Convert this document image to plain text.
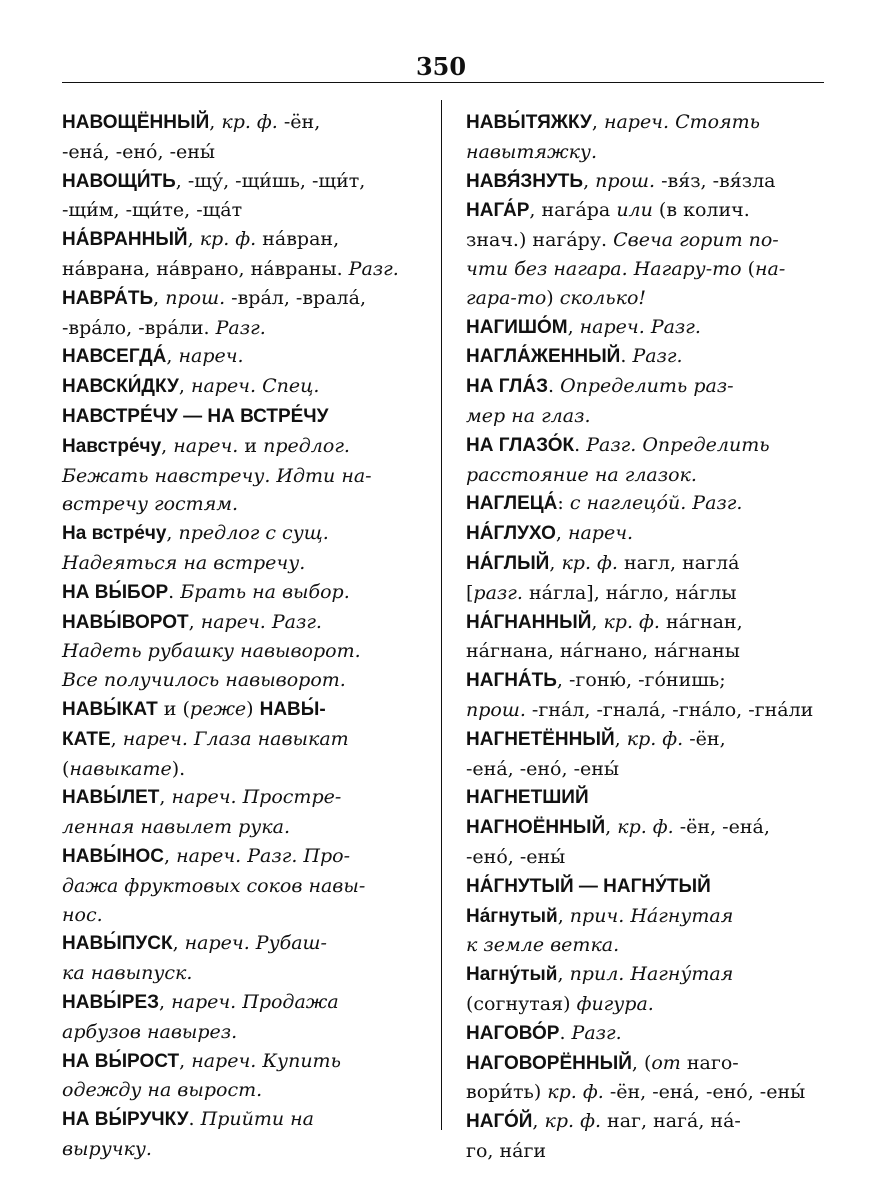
350
НАВОЩЁННЫЙ, кр. ф. -ён,
-ена́, -ено́, -ены́
НАВОЩИ́ТЬ, -щу́, -щи́шь, -щи́т,
-щи́м, -щи́те, -ща́т
НА́ВРАННЫЙ, кр. ф. на́вран,
на́врана, на́врано, на́враны. Разг.
НАВРА́ТЬ, прош. -вра́л, -врала́,
-вра́ло, -вра́ли. Разг.
НАВСЕГДА́, нареч.
НАВСКИ́ДКУ, нареч. Спец.
НАВСТРЕ́ЧУ — НА ВСТРЕ́ЧУ
Навстре́чу, нареч. и предлог.
Бежать навстречу. Идти на-
встречу гостям.
На встре́чу, предлог с сущ.
Надеяться на встречу.
НА ВЫ́БОР. Брать на выбор.
НАВЫ́ВОРОТ, нареч. Разг.
Надеть рубашку навыворот.
Все получилось навыворот.
НАВЫ́КАТ и (реже) НАВЫ́-
КАТЕ, нареч. Глаза навыкат
(навыкате).
НАВЫ́ЛЕТ, нареч. Простре-
ленная навылет рука.
НАВЫ́НОС, нареч. Разг. Про-
дажа фруктовых соков навы-
нос.
НАВЫ́ПУСК, нареч. Рубаш-
ка навыпуск.
НАВЫ́РЕЗ, нареч. Продажа
арбузов навырез.
НА ВЫ́РОСТ, нареч. Купить
одежду на вырост.
НА ВЫ́РУЧКУ. Прийти на
выручку.
НАВЫ́ТЯЖКУ, нареч. Стоять
навытяжку.
НАВЯ́ЗНУТЬ, прош. -вя́з, -вя́зла
НАГА́Р, нага́ра или (в колич.
знач.) нага́ру. Свеча горит по-
чти без нагара. Нагару-то (на-
гара-то) сколько!
НАГИШО́М, нареч. Разг.
НАГЛА́ЖЕННЫЙ. Разг.
НА ГЛА́З. Определить раз-
мер на глаз.
НА ГЛАЗО́К. Разг. Определить
расстояние на глазок.
НАГЛЕЦА́: с наглецо́й. Разг.
НА́ГЛУХО, нареч.
НА́ГЛЫЙ, кр. ф. нагл, нагла́
[разг. на́гла], на́гло, на́глы
НА́ГНАННЫЙ, кр. ф. на́гнан,
на́гнана, на́гнано, на́гнаны
НАГНА́ТЬ, -гоню́, -го́нишь;
прош. -гна́л, -гнала́, -гна́ло, -гна́ли
НАГНЕТЁННЫЙ, кр. ф. -ён,
-ена́, -ено́, -ены́
НАГНЕТШИЙ
НАГНОЁННЫЙ, кр. ф. -ён, -ена́,
-ено́, -ены́
НА́ГНУТЫЙ — НАГНУ́ТЫЙ
На́гнутый, прич. На́гнутая
к земле ветка.
Нагну́тый, прил. Нагну́тая
(согнутая) фигура.
НАГОВО́Р. Разг.
НАГОВОРЁННЫЙ, (от наго-
вори́ть) кр. ф. -ён, -ена́, -ено́, -ены́
НАГО́Й, кр. ф. наг, нага́, на́-
го, на́ги
